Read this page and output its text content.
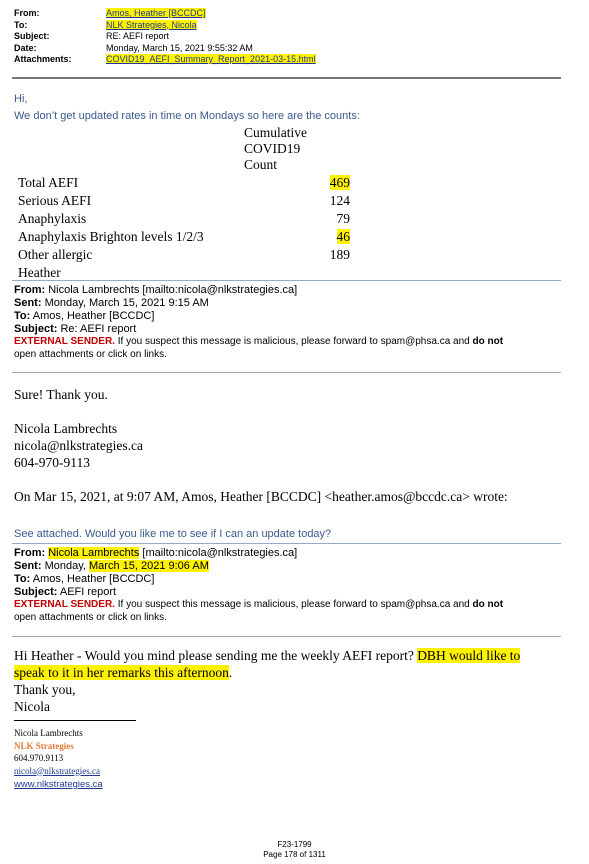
From:	Amos, Heather [BCCDC]
To:	NLK Strategies, Nicola
Subject:	RE: AEFI report
Date:	Monday, March 15, 2021 9:55:32 AM
Attachments:	COVID19_AEFI_Summary_Report_2021-03-15.html
Hi,
We don’t get updated rates in time on Mondays so here are the counts:
Cumulative
COVID19
Count
Total AEFI	469
Serious AEFI	124
Anaphylaxis	79
Anaphylaxis Brighton levels 1/2/3	46
Other allergic	189
Heather	
From: Nicola Lambrechts [mailto:nicola@nlkstrategies.ca]
Sent: Monday, March 15, 2021 9:15 AM
To: Amos, Heather [BCCDC]
Subject: Re: AEFI report
EXTERNAL SENDER. If you suspect this message is malicious, please forward to spam@phsa.ca and do not
open attachments or click on links.
Sure! Thank you.
Nicola Lambrechts
nicola@nlkstrategies.ca
604-970-9113
On Mar 15, 2021, at 9:07 AM, Amos, Heather [BCCDC] <heather.amos@bccdc.ca> wrote:
See attached. Would you like me to see if I can an update today?
From: Nicola Lambrechts [mailto:nicola@nlkstrategies.ca]
Sent: Monday, March 15, 2021 9:06 AM
To: Amos, Heather [BCCDC]
Subject: AEFI report
EXTERNAL SENDER. If you suspect this message is malicious, please forward to spam@phsa.ca and do not
open attachments or click on links.
Hi Heather - Would you mind please sending me the weekly AEFI report? DBH would like to
speak to it in her remarks this afternoon.
Thank you,
Nicola
Nicola Lambrechts
NLK Strategies
604.970.9113
nicola@nlkstrategies.ca
www.nlkstrategies.ca
F23-1799
Page 178 of 1311
